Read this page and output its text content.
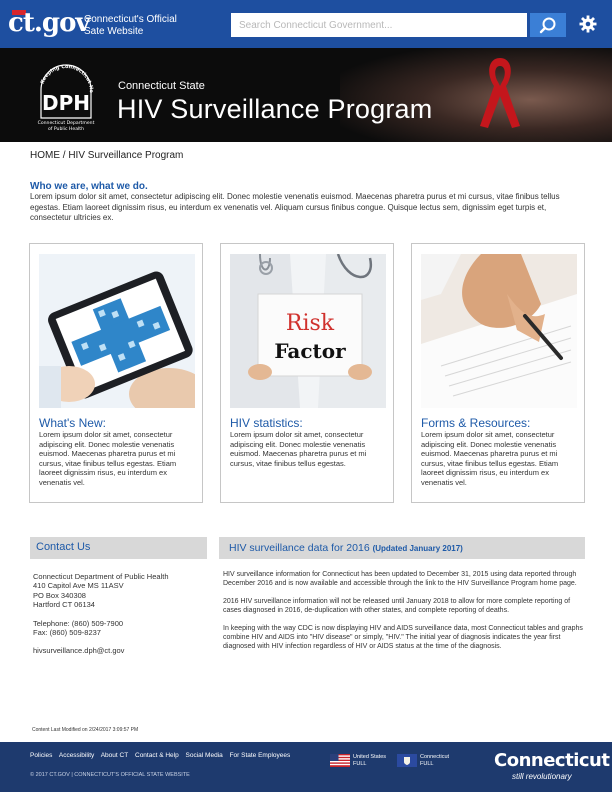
ct.gov
Connecticut's Official Sate Website
Search Connecticut Government...
Keeping Connecticut He
DPH
Connecticut Department
of Public Health
Connecticut State
HIV Surveillance Program
HOME / HIV Surveillance Program
Who we are, what we do.
Lorem ipsum dolor sit amet, consectetur adipiscing elit. Donec molestie venenatis euismod. Maecenas pharetra purus et mi cursus, vitae finibus tellus egestas. Etiam laoreet dignissim risus, eu interdum ex venenatis vel. Aliquam cursus finibus congue. Quisque lectus sem, dignissim eget turpis et, consectetur ultricies ex.
What's New:
Lorem ipsum dolor sit amet, consectetur adipiscing elit. Donec molestie venenatis euismod. Maecenas pharetra purus et mi cursus, vitae finibus tellus egestas. Etiam laoreet dignissim risus, eu interdum ex venenatis vel.
Risk
Factor
HIV statistics:
Lorem ipsum dolor sit amet, consectetur adipiscing elit. Donec molestie venenatis euismod. Maecenas pharetra purus et mi cursus, vitae finibus tellus egestas.
Forms & Resources:
Lorem ipsum dolor sit amet, consectetur adipiscing elit. Donec molestie venenatis euismod. Maecenas pharetra purus et mi cursus, vitae finibus tellus egestas. Etiam laoreet dignissim risus, eu interdum ex venenatis vel.
Contact Us
Connecticut Department of Public Health
410 Capitol Ave MS 11ASV
PO Box 340308
Hartford CT 06134
Telephone: (860) 509-7900
Fax: (860) 509-8237
hivsurveillance.dph@ct.gov
HIV surveillance data for 2016 (Updated January 2017)

HIV surveillance information for Connecticut has been updated to December 31, 2015 using data reported through December 2016 and is now available and accessible through the link to the HIV Surveillance Program home page.

2016 HIV surveillance information will not be released until January 2018 to allow for more complete reporting of cases diagnosed in 2016, de-duplication with other states, and complete reporting of deaths.

In keeping with the way CDC is now displaying HIV and AIDS surveillance data, most Connecticut tables and graphs combine HIV and AIDS into "HIV disease" or simply, "HIV." The initial year of diagnosis indicates the year first diagnosed with HIV infection regardless of HIV or AIDS status at the time of the diagnosis.

Content Last Modified on 2/24/2017 3:09:57 PM
Policies Accessibility About CT Contact & Help Social Media For State Employees
© 2017 CT.GOV | CONNECTICUT'S OFFICIAL STATE WEBSITE
United States
FULL
Connecticut
FULL	Connecticut
still revolutionary
